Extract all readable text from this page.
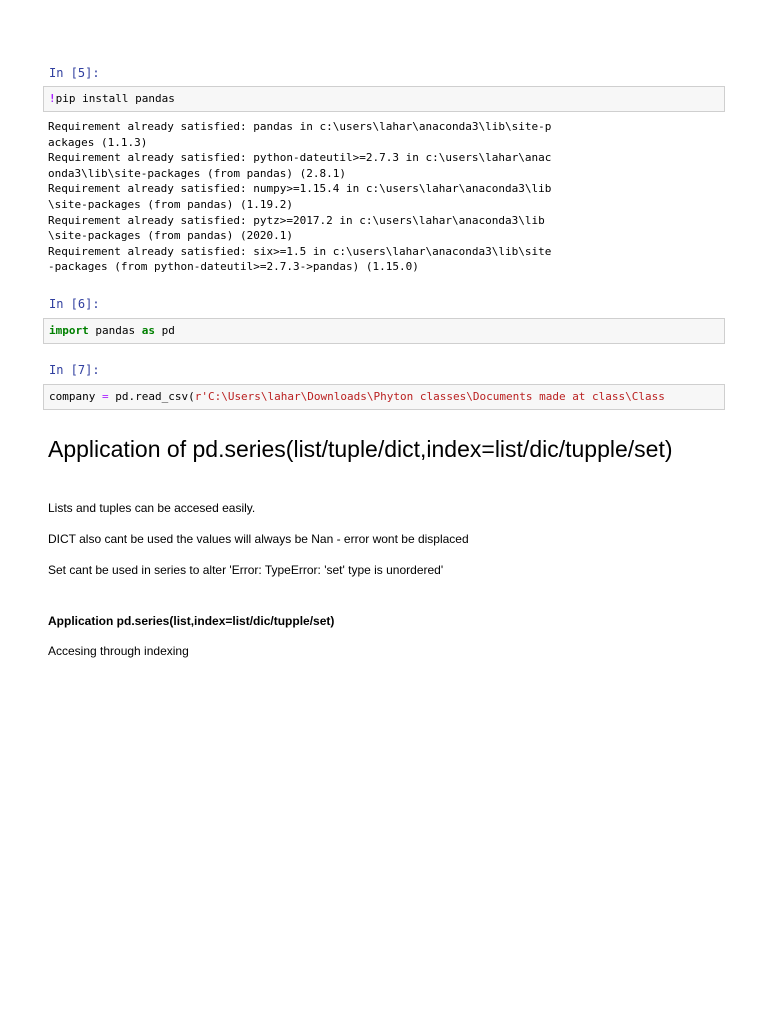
In [5]:
!pip install pandas
Requirement already satisfied: pandas in c:\users\lahar\anaconda3\lib\site-p
ackages (1.1.3)
Requirement already satisfied: python-dateutil>=2.7.3 in c:\users\lahar\anac
onda3\lib\site-packages (from pandas) (2.8.1)
Requirement already satisfied: numpy>=1.15.4 in c:\users\lahar\anaconda3\lib
\site-packages (from pandas) (1.19.2)
Requirement already satisfied: pytz>=2017.2 in c:\users\lahar\anaconda3\lib
\site-packages (from pandas) (2020.1)
Requirement already satisfied: six>=1.5 in c:\users\lahar\anaconda3\lib\site
-packages (from python-dateutil>=2.7.3->pandas) (1.15.0)
In [6]:
import pandas as pd
In [7]:
company = pd.read_csv(r'C:\Users\lahar\Downloads\Phyton classes\Documents made at class\Class
Application of pd.series(list/tuple/dict,index=list/dic/tupple/set)

Lists and tuples can be accesed easily.

DICT also cant be used the values will always be Nan - error wont be displaced

Set cant be used in series to alter 'Error: TypeError: 'set' type is unordered'

Application pd.series(list,index=list/dic/tupple/set)

Accesing through indexing
